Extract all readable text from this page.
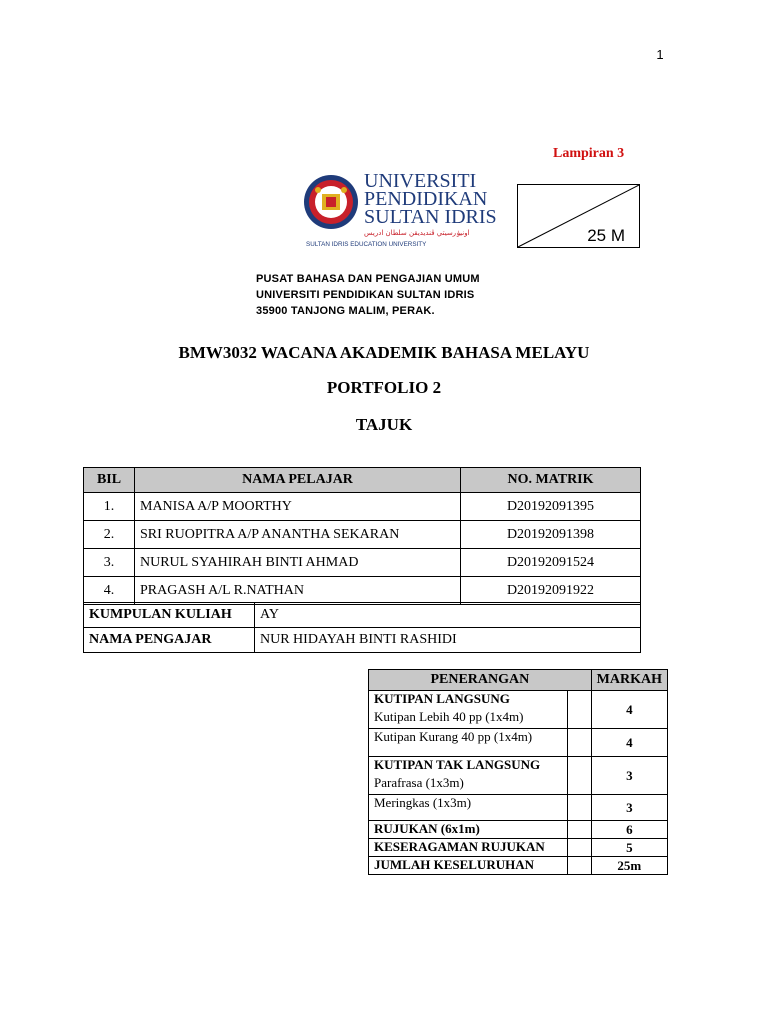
1
Lampiran 3
25 M
UNIVERSITI
PENDIDIKAN
SULTAN IDRIS
اونيۏرسيتي ڤنديديقن سلطان ادريس
SULTAN IDRIS EDUCATION UNIVERSITY
PUSAT BAHASA DAN PENGAJIAN UMUM
UNIVERSITI PENDIDIKAN SULTAN IDRIS
35900 TANJONG MALIM, PERAK.
BMW3032 WACANA AKADEMIK BAHASA MELAYU
PORTFOLIO 2
TAJUK
BIL	NAMA PELAJAR	NO. MATRIK
1.	MANISA A/P MOORTHY	D20192091395
2.	SRI RUOPITRA A/P ANANTHA SEKARAN	D20192091398
3.	NURUL SYAHIRAH BINTI AHMAD	D20192091524
4.	PRAGASH A/L R.NATHAN	D20192091922
KUMPULAN KULIAH	AY
NAMA PENGAJAR	NUR HIDAYAH BINTI RASHIDI
PENERANGAN		MARKAH

KUTIPAN LANGSUNG
Kutipan Lebih 40 pp (1x4m)		4
Kutipan Kurang 40 pp (1x4m)		4

KUTIPAN TAK LANGSUNG
Parafrasa (1x3m)		3
Meringkas (1x3m)		3
RUJUKAN (6x1m)		6
KESERAGAMAN RUJUKAN		5
JUMLAH KESELURUHAN		25m
